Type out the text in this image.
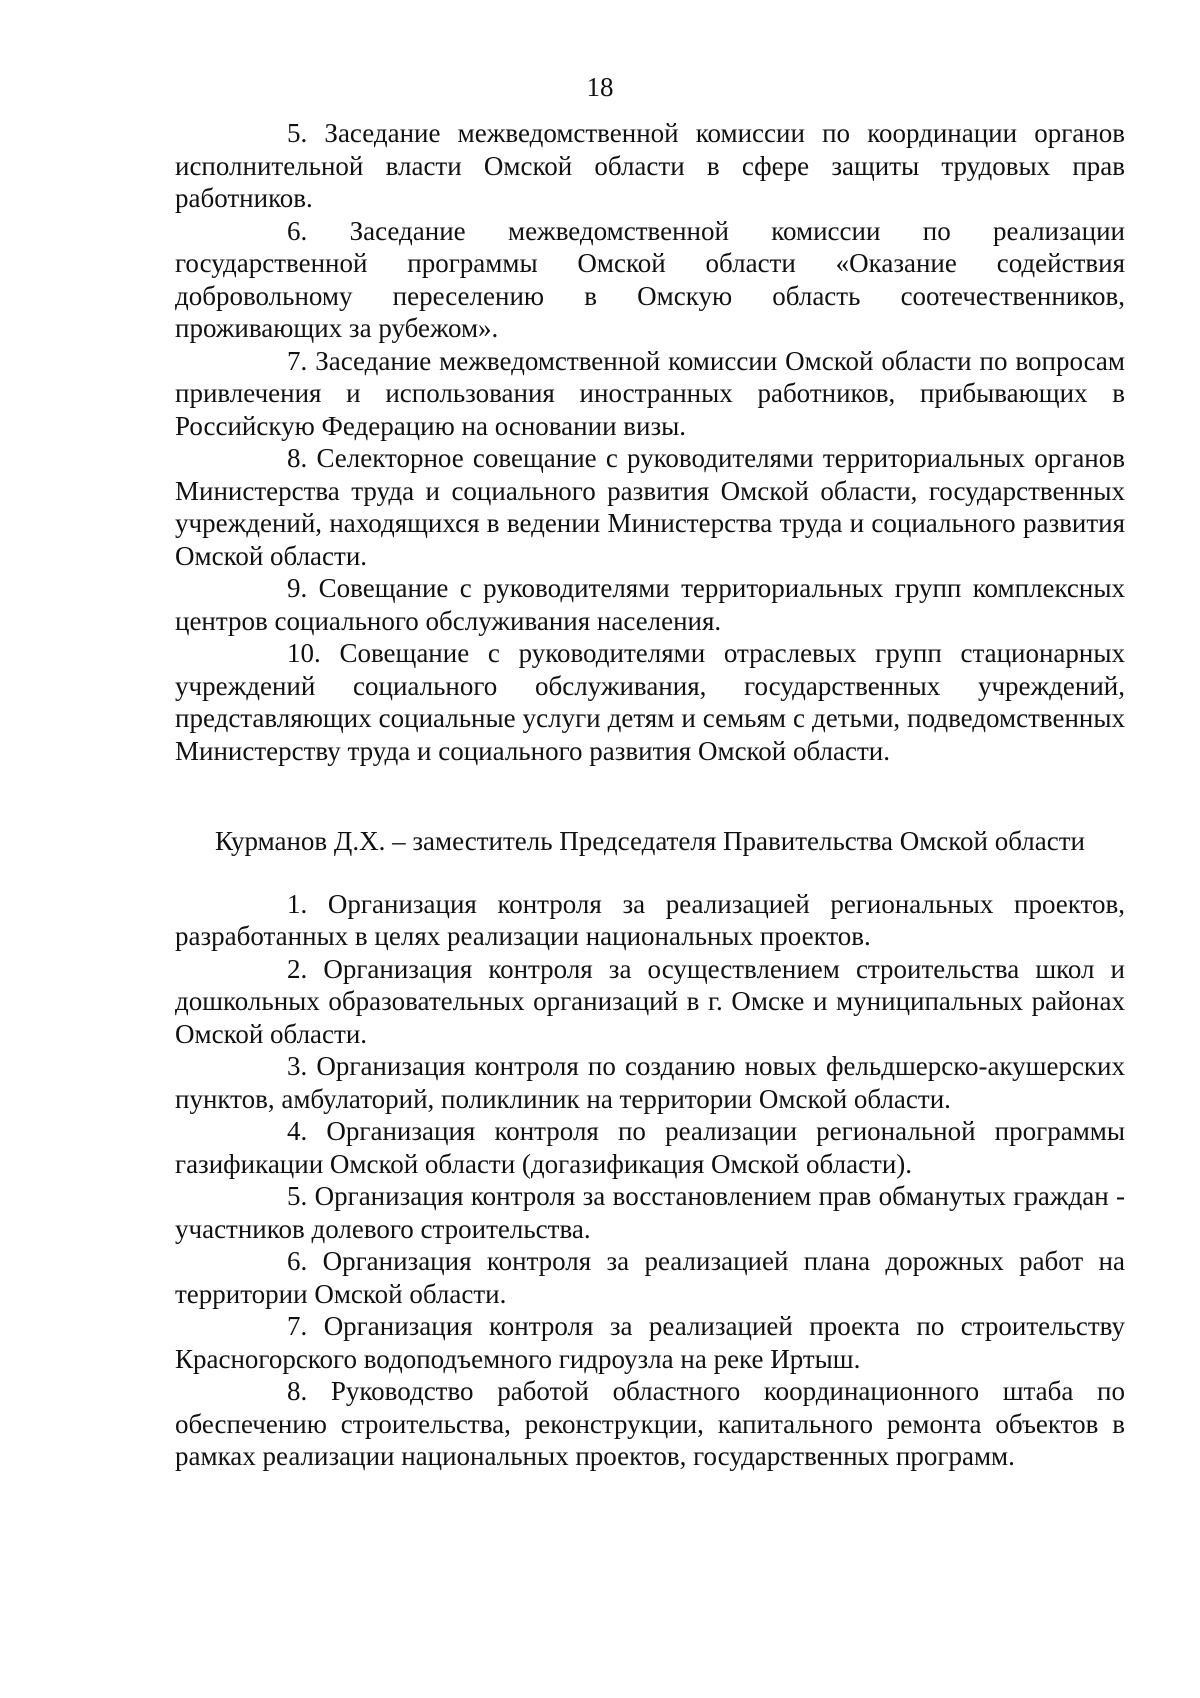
18

5. Заседание межведомственной комиссии по координации органов исполнительной власти Омской области в сфере защиты трудовых прав работников.

6. Заседание межведомственной комиссии по реализации государственной программы Омской области «Оказание содействия добровольному переселению в Омскую область соотечественников, проживающих за рубежом».

7. Заседание межведомственной комиссии Омской области по вопросам привлечения и использования иностранных работников, прибывающих в Российскую Федерацию на основании визы.

8. Селекторное совещание с руководителями территориальных органов Министерства труда и социального развития Омской области, государственных учреждений, находящихся в ведении Министерства труда и социального развития Омской области.

9. Совещание с руководителями территориальных групп комплексных центров социального обслуживания населения.

10. Совещание с руководителями отраслевых групп стационарных учреждений социального обслуживания, государственных учреждений, представляющих социальные услуги детям и семьям с детьми, подведомственных Министерству труда и социального развития Омской области.

Курманов Д.Х. – заместитель Председателя Правительства Омской области

1. Организация контроля за реализацией региональных проектов, разработанных в целях реализации национальных проектов.

2. Организация контроля за осуществлением строительства школ и дошкольных образовательных организаций в г. Омске и муниципальных районах Омской области.

3. Организация контроля по созданию новых фельдшерско-акушерских пунктов, амбулаторий, поликлиник на территории Омской области.

4. Организация контроля по реализации региональной программы газификации Омской области (догазификация Омской области).

5. Организация контроля за восстановлением прав обманутых граждан - участников долевого строительства.

6. Организация контроля за реализацией плана дорожных работ на территории Омской области.

7. Организация контроля за реализацией проекта по строительству Красногорского водоподъемного гидроузла на реке Иртыш.

8. Руководство работой областного координационного штаба по обеспечению строительства, реконструкции, капитального ремонта объектов в рамках реализации национальных проектов, государственных программ.
